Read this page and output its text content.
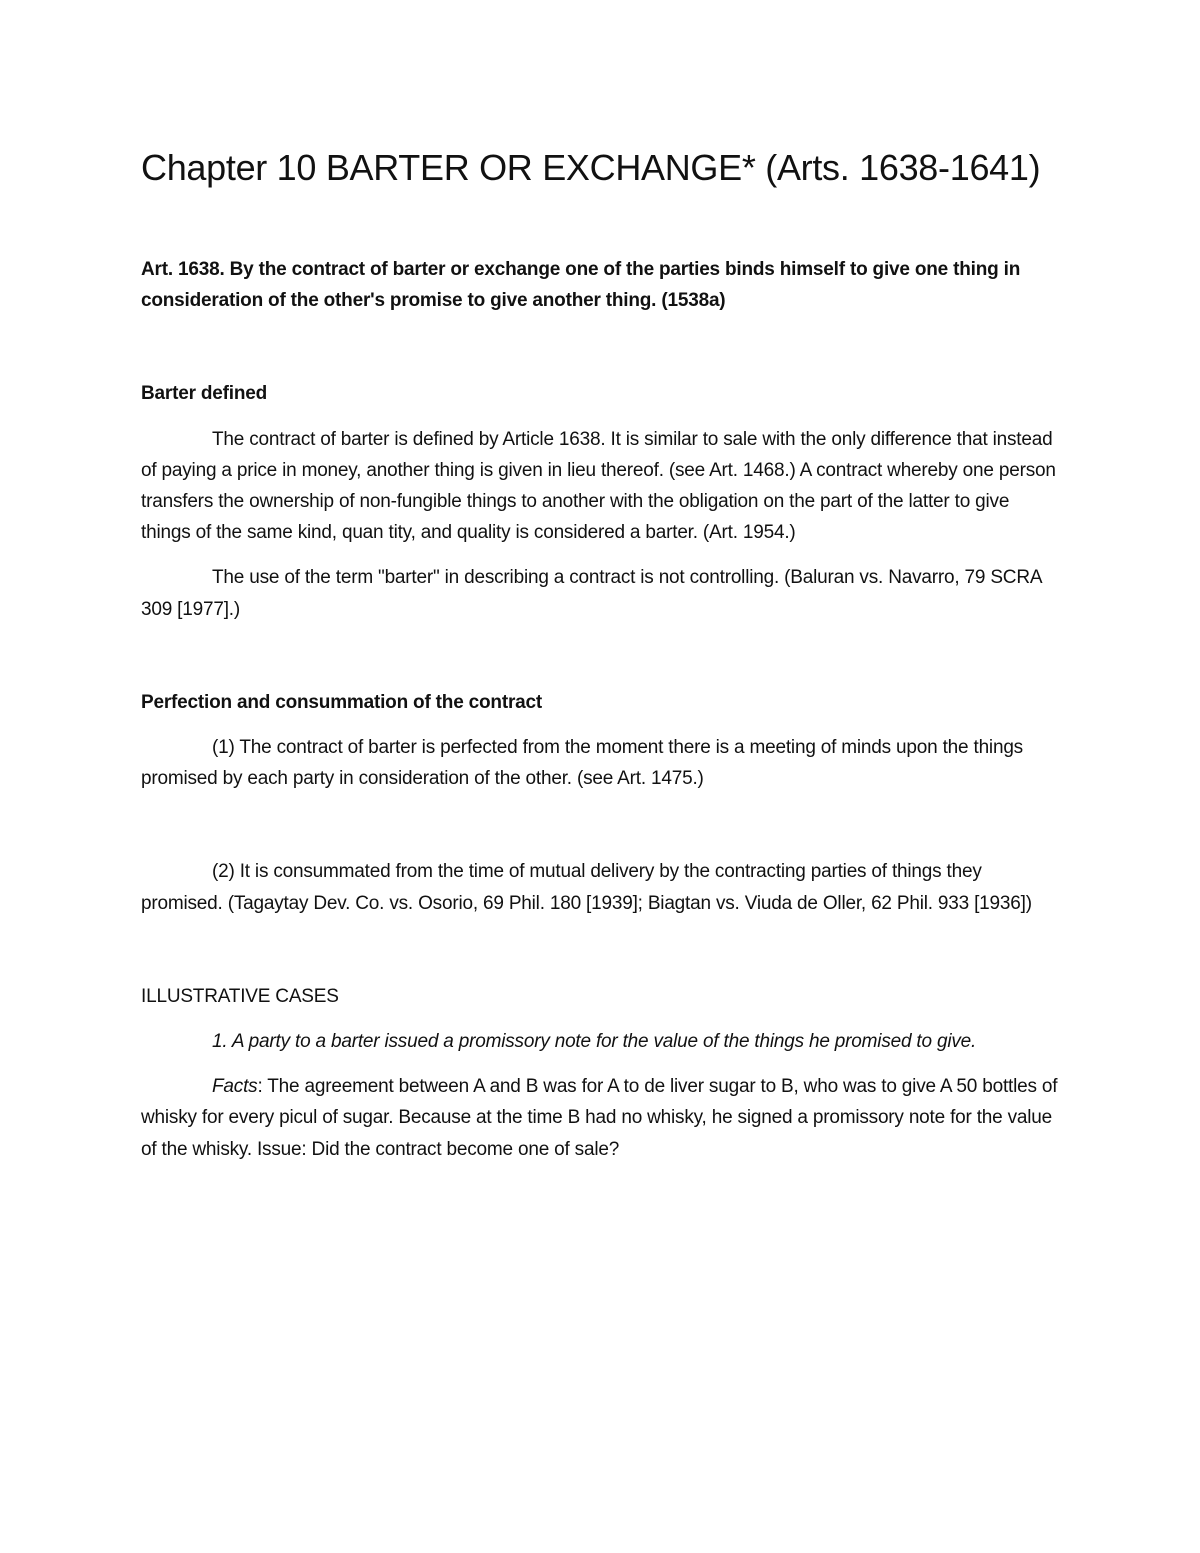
Chapter 10 BARTER OR EXCHANGE* (Arts. 1638-1641)

Art. 1638. By the contract of barter or exchange one of the parties binds himself to give one thing in consideration of the other's promise to give another thing. (1538a)

Barter defined

The contract of barter is defined by Article 1638. It is similar to sale with the only difference that instead of paying a price in money, another thing is given in lieu thereof. (see Art. 1468.) A contract whereby one person transfers the ownership of non-fungible things to another with the obligation on the part of the latter to give things of the same kind, quan tity, and quality is considered a barter. (Art. 1954.)

The use of the term "barter" in describing a contract is not controlling. (Baluran vs. Navarro, 79 SCRA 309 [1977].)

Perfection and consummation of the contract

(1) The contract of barter is perfected from the moment there is a meeting of minds upon the things promised by each party in consideration of the other. (see Art. 1475.)

(2) It is consummated from the time of mutual delivery by the contracting parties of things they promised. (Tagaytay Dev. Co. vs. Osorio, 69 Phil. 180 [1939]; Biagtan vs. Viuda de Oller, 62 Phil. 933 [1936])

ILLUSTRATIVE CASES

1. A party to a barter issued a promissory note for the value of the things he promised to give.

Facts: The agreement between A and B was for A to de liver sugar to B, who was to give A 50 bottles of whisky for every picul of sugar. Because at the time B had no whisky, he signed a promissory note for the value of the whisky. Issue: Did the contract become one of sale?
